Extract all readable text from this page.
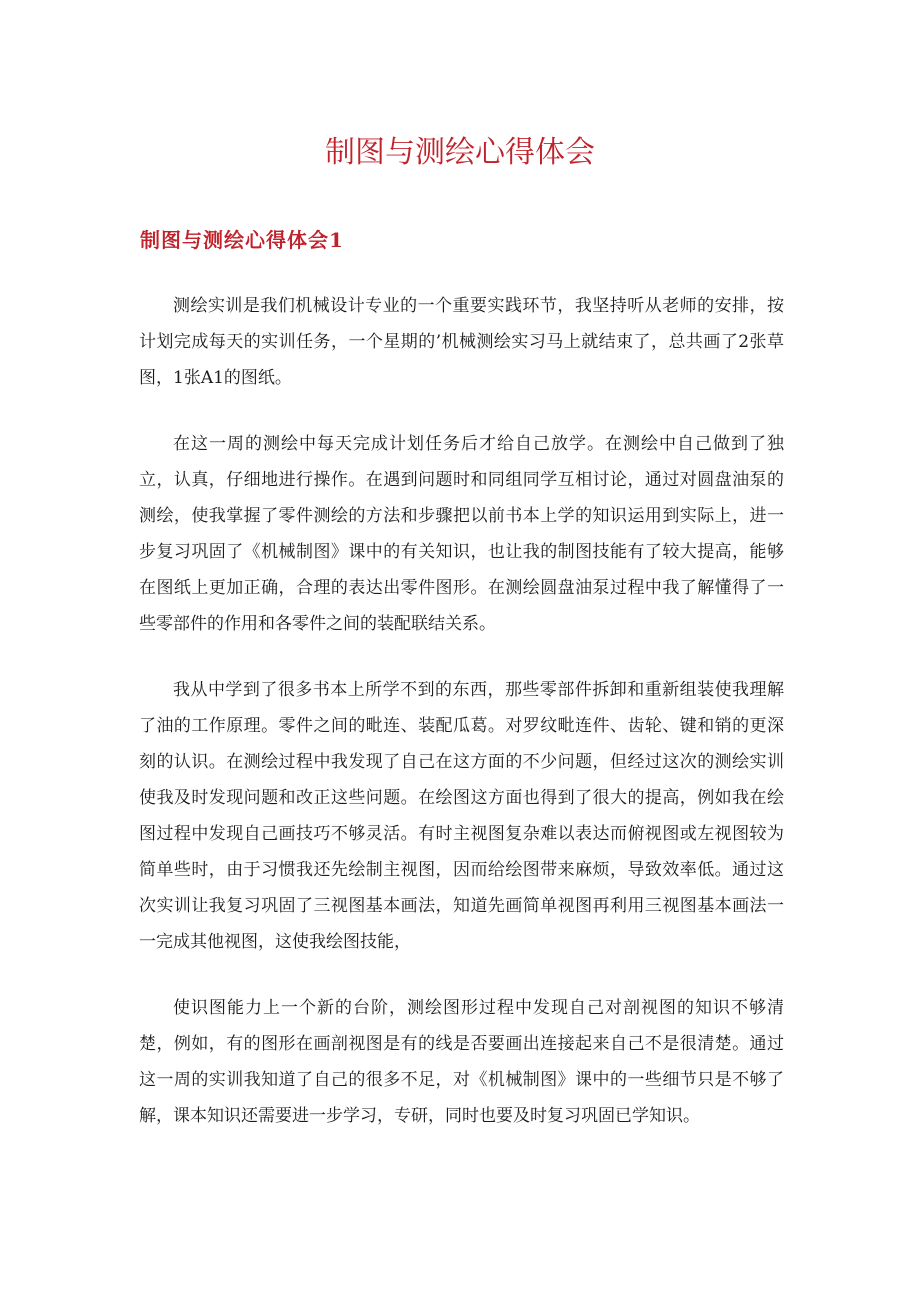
制图与测绘心得体会
制图与测绘心得体会1

测绘实训是我们机械设计专业的一个重要实践环节，我坚持听从老师的安排，按计划完成每天的实训任务，一个星期的’机械测绘实习马上就结束了，总共画了2张草图，1张A1的图纸。

在这一周的测绘中每天完成计划任务后才给自己放学。在测绘中自己做到了独立，认真，仔细地进行操作。在遇到问题时和同组同学互相讨论，通过对圆盘油泵的测绘，使我掌握了零件测绘的方法和步骤把以前书本上学的知识运用到实际上，进一步复习巩固了《机械制图》课中的有关知识，也让我的制图技能有了较大提高，能够在图纸上更加正确，合理的表达出零件图形。在测绘圆盘油泵过程中我了解懂得了一些零部件的作用和各零件之间的装配联结关系。

我从中学到了很多书本上所学不到的东西，那些零部件拆卸和重新组装使我理解了油的工作原理。零件之间的毗连、装配瓜葛。对罗纹毗连件、齿轮、键和销的更深刻的认识。在测绘过程中我发现了自己在这方面的不少问题，但经过这次的测绘实训使我及时发现问题和改正这些问题。在绘图这方面也得到了很大的提高，例如我在绘图过程中发现自己画技巧不够灵活。有时主视图复杂难以表达而俯视图或左视图较为简单些时，由于习惯我还先绘制主视图，因而给绘图带来麻烦，导致效率低。通过这次实训让我复习巩固了三视图基本画法，知道先画简单视图再利用三视图基本画法一一完成其他视图，这使我绘图技能，

使识图能力上一个新的台阶，测绘图形过程中发现自己对剖视图的知识不够清楚，例如，有的图形在画剖视图是有的线是否要画出连接起来自己不是很清楚。通过这一周的实训我知道了自己的很多不足，对《机械制图》课中的一些细节只是不够了解，课本知识还需要进一步学习，专研，同时也要及时复习巩固已学知识。
